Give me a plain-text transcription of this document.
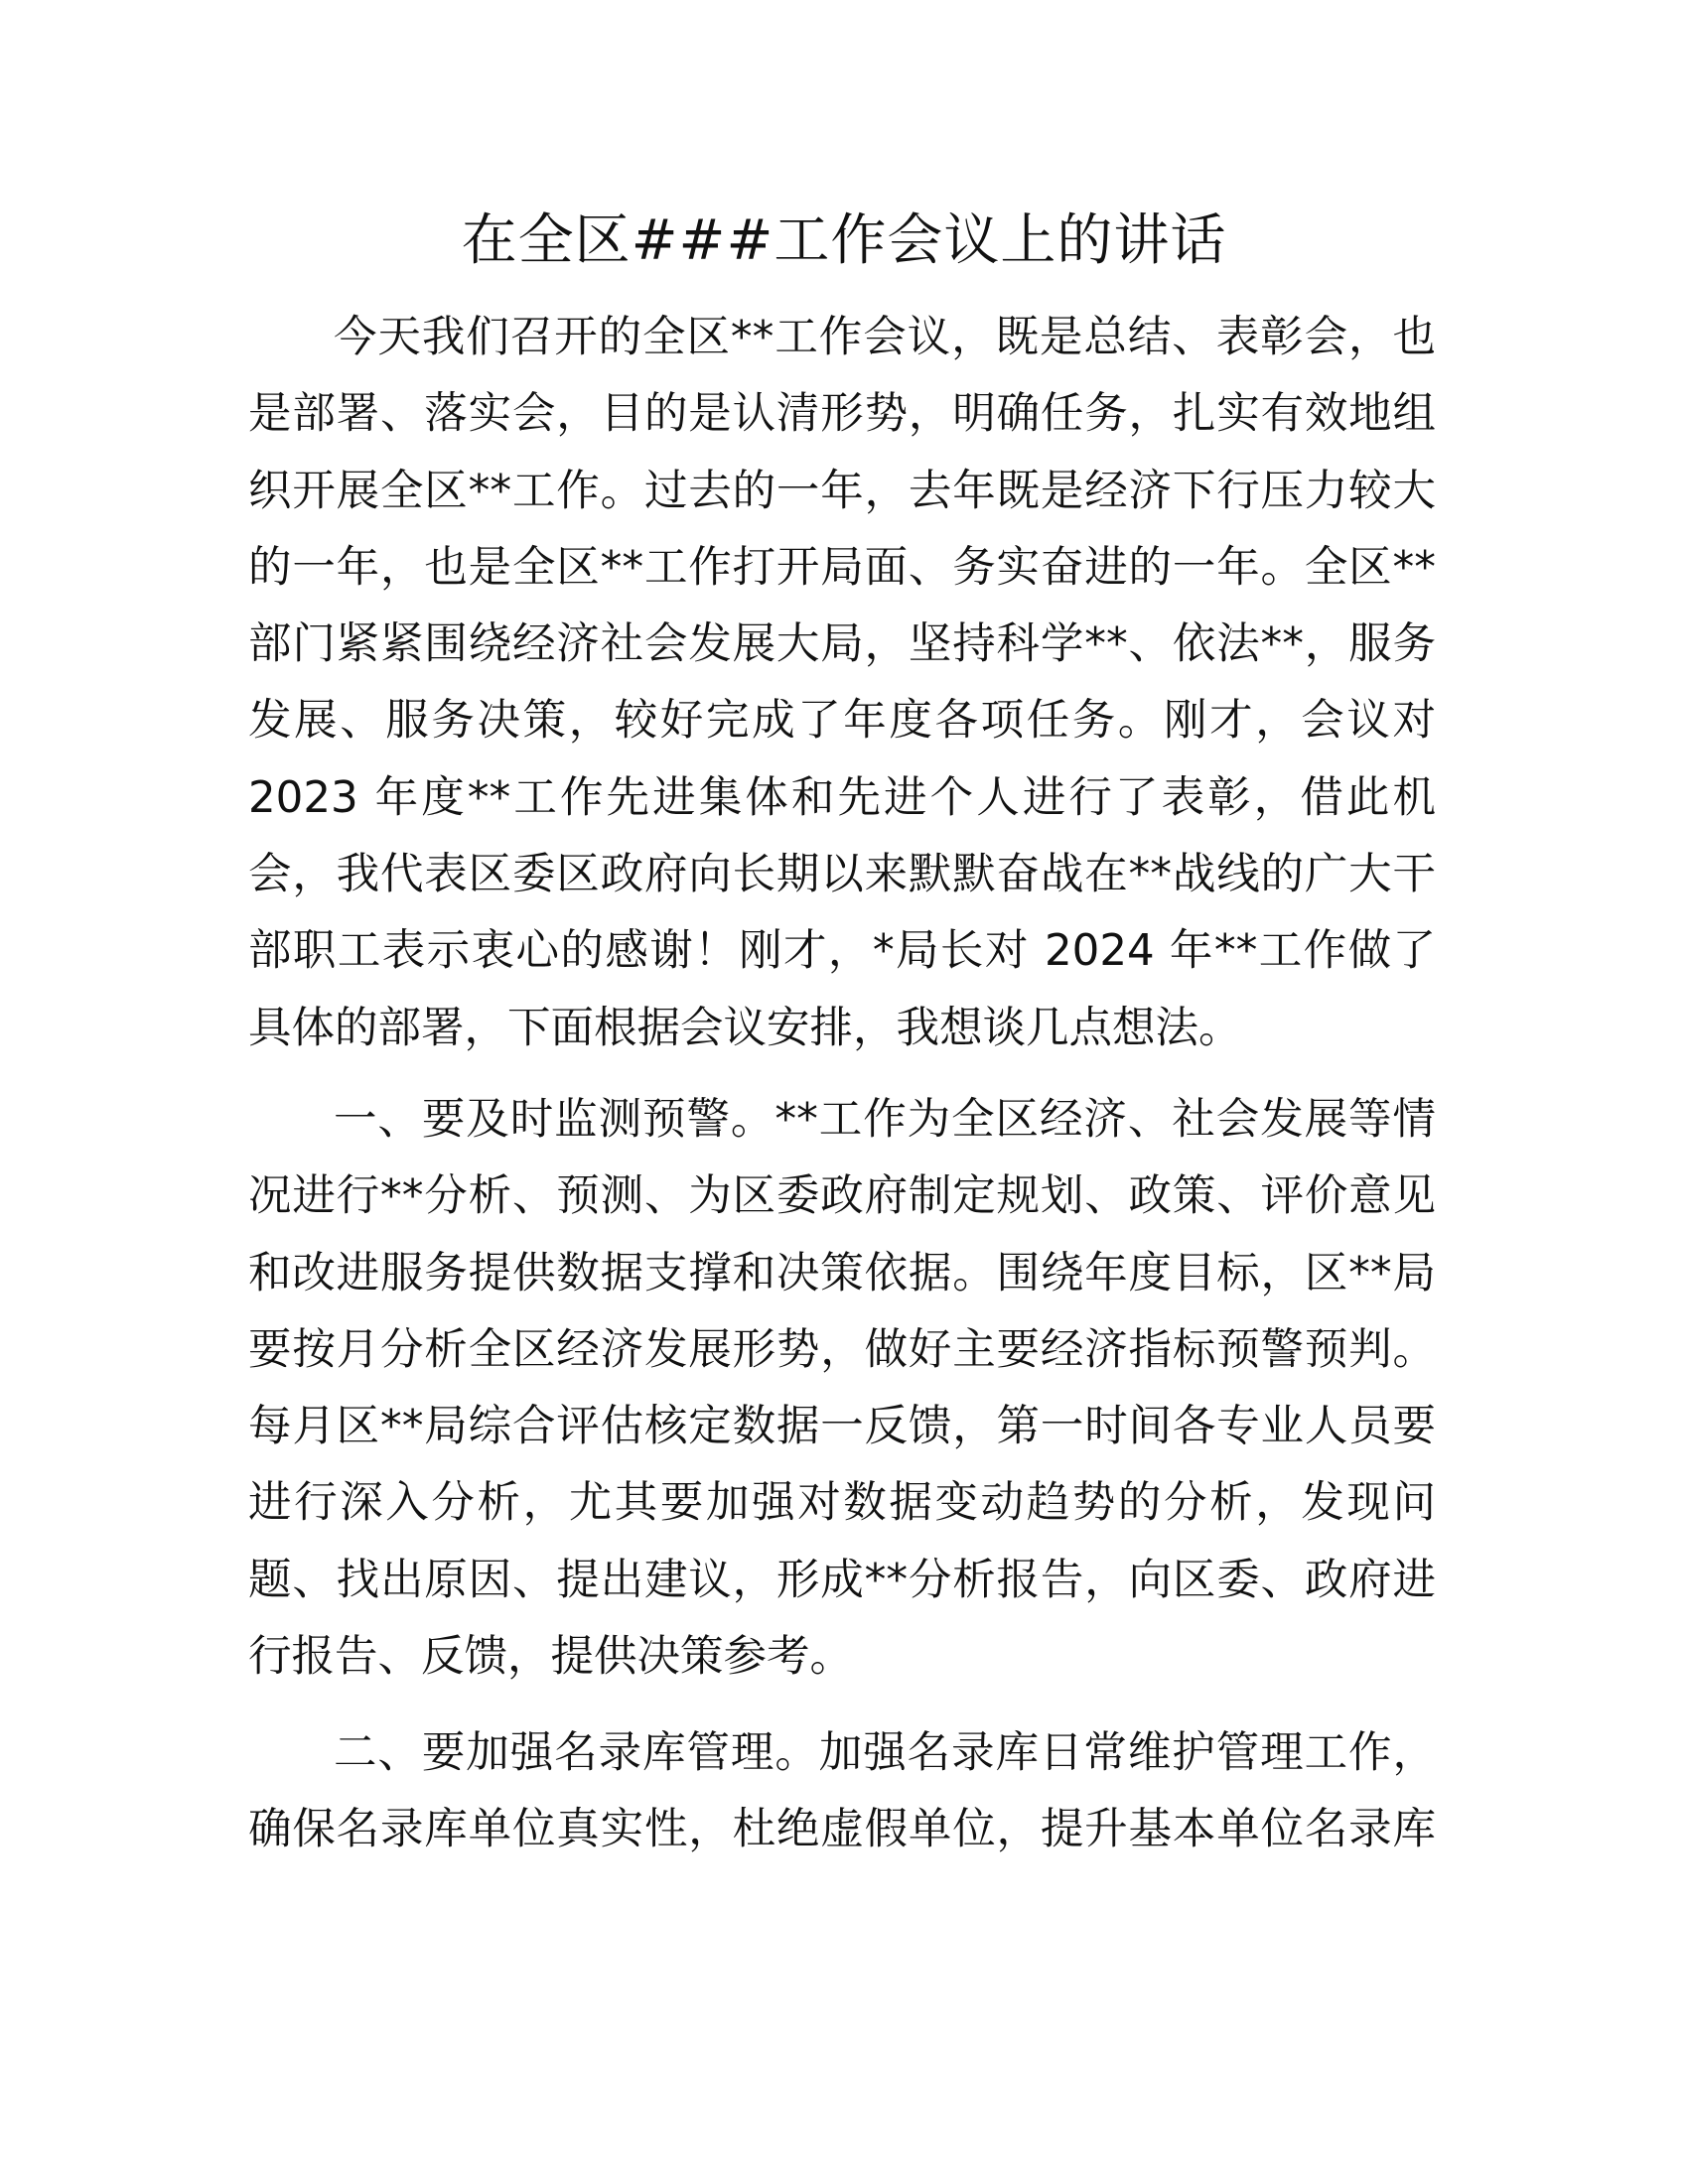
在全区###工作会议上的讲话
今天我们召开的全区**工作会议，既是总结、表彰会，也
是部署、落实会，目的是认清形势，明确任务，扎实有效地组
织开展全区**工作。过去的一年，去年既是经济下行压力较大
的一年，也是全区**工作打开局面、务实奋进的一年。全区**
部门紧紧围绕经济社会发展大局，坚持科学**、依法**，服务
发展、服务决策，较好完成了年度各项任务。刚才，会议对
2023 年度**工作先进集体和先进个人进行了表彰，借此机
会，我代表区委区政府向长期以来默默奋战在**战线的广大干
部职工表示衷心的感谢！刚才，*局长对 2024 年**工作做了
具体的部署，下面根据会议安排，我想谈几点想法。
一、要及时监测预警。**工作为全区经济、社会发展等情
况进行**分析、预测、为区委政府制定规划、政策、评价意见
和改进服务提供数据支撑和决策依据。围绕年度目标，区**局
要按月分析全区经济发展形势，做好主要经济指标预警预判。
每月区**局综合评估核定数据一反馈，第一时间各专业人员要
进行深入分析，尤其要加强对数据变动趋势的分析，发现问
题、找出原因、提出建议，形成**分析报告，向区委、政府进
行报告、反馈，提供决策参考。
二、要加强名录库管理。加强名录库日常维护管理工作，
确保名录库单位真实性，杜绝虚假单位，提升基本单位名录库
